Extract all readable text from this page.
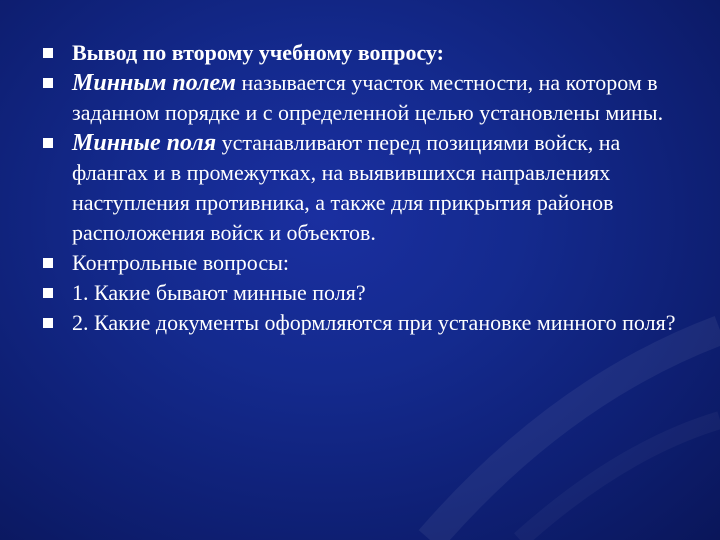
Вывод по второму учебному вопросу:

Минным полем называется участок местности, на котором в заданном порядке и с определенной целью установлены мины.

Минные поля устанавливают перед позициями войск, на флангах и в промежутках, на выявившихся направлениях наступления противника, а также для прикрытия районов расположения войск и объектов.

Контрольные вопросы:

1. Какие бывают минные поля?

2. Какие документы оформляются при установке минного поля?
